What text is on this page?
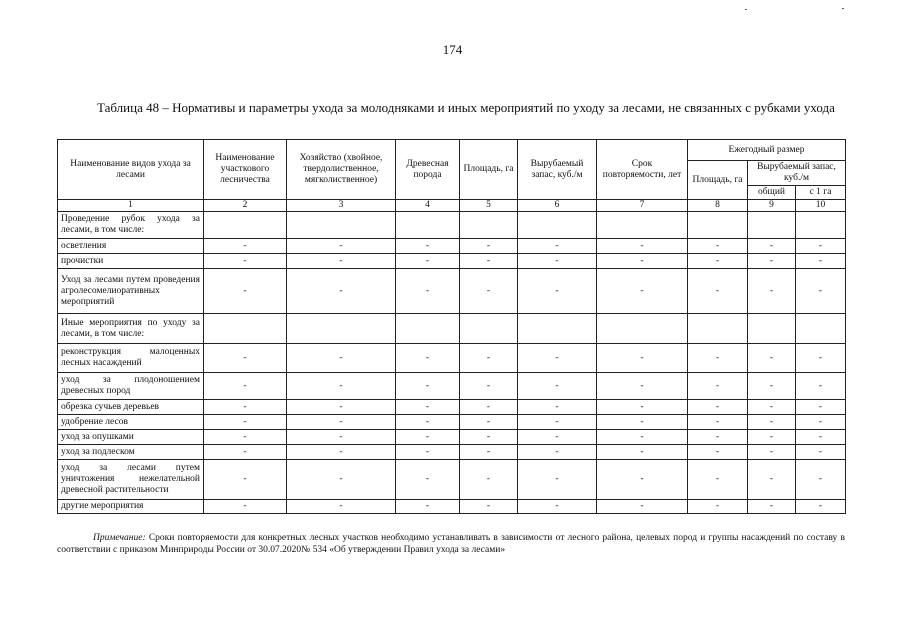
174
Таблица 48 – Нормативы и параметры ухода за молодняками и иных мероприятий по уходу за лесами, не связанных с рубками ухода
Наименование видов ухода за лесами	Наименование участкового лесничества	Хозяйство (хвойное, твердолиственное, мягколиственное)	Древесная порода	Площадь, га	Вырубаемый запас, куб./м	Срок повторяемости, лет	Ежегодный размер		
							Площадь, га	Вырубаемый запас, куб./м	
								общий	с 1 га
1	2	3	4	5	6	7	8	9	10
Проведение рубок ухода за лесами, в том числе:									
осветления	-	-	-	-	-	-	-	-	-
прочистки	-	-	-	-	-	-	-	-	-
Уход за лесами путем проведения агролесомелиоративных мероприятий	-	-	-	-	-	-	-	-	-
Иные мероприятия по уходу за лесами, в том числе:									
реконструкция малоценных лесных насаждений	-	-	-	-	-	-	-	-	-
уход за плодоношением древесных пород	-	-	-	-	-	-	-	-	-
обрезка сучьев деревьев	-	-	-	-	-	-	-	-	-
удобрение лесов	-	-	-	-	-	-	-	-	-
уход за опушками	-	-	-	-	-	-	-	-	-
уход за подлеском	-	-	-	-	-	-	-	-	-
уход за лесами путем уничтожения нежелательной древесной растительности	-	-	-	-	-	-	-	-	-
другие мероприятия	-	-	-	-	-	-	-	-	-
Примечание: Сроки повторяемости для конкретных лесных участков необходимо устанавливать в зависимости от лесного района, целевых пород и группы насаждений по составу в соответствии с приказом Минприроды России от 30.07.2020№ 534 «Об утверждении Правил ухода за лесами»
